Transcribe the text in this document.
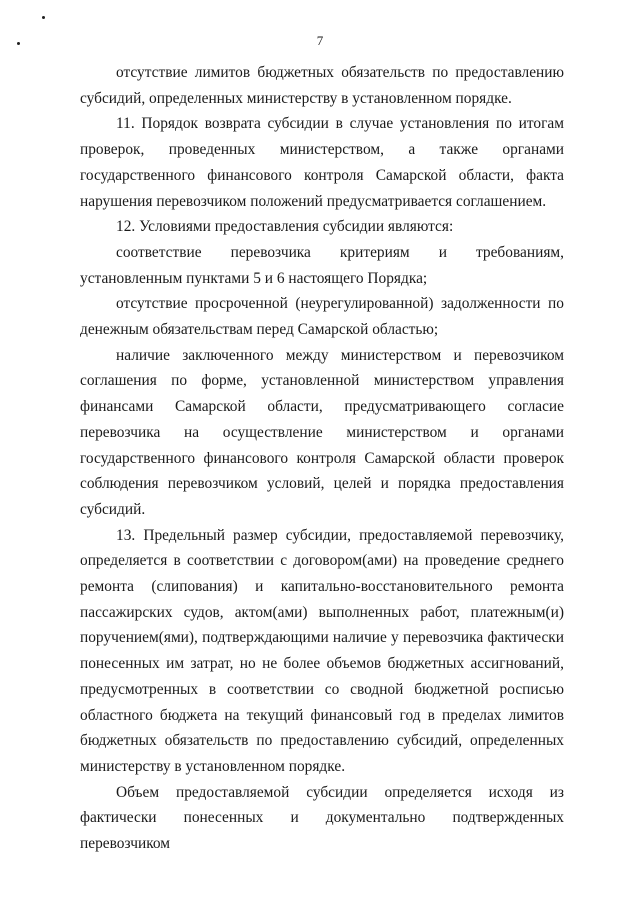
7

отсутствие лимитов бюджетных обязательств по предоставлению субсидий, определенных министерству в установленном порядке.

11. Порядок возврата субсидии в случае установления по итогам проверок, проведенных министерством, а также органами государственного финансового контроля Самарской области, факта нарушения перевозчиком положений предусматривается соглашением.

12. Условиями предоставления субсидии являются:

соответствие перевозчика критериям и требованиям, установленным пунктами 5 и 6 настоящего Порядка;

отсутствие просроченной (неурегулированной) задолженности по денежным обязательствам перед Самарской областью;

наличие заключенного между министерством и перевозчиком соглашения по форме, установленной министерством управления финансами Самарской области, предусматривающего согласие перевозчика на осуществление министерством и органами государственного финансового контроля Самарской области проверок соблюдения перевозчиком условий, целей и порядка предоставления субсидий.

13. Предельный размер субсидии, предоставляемой перевозчику, определяется в соответствии с договором(ами) на проведение среднего ремонта (слипования) и капитально-восстановительного ремонта пассажирских судов, актом(ами) выполненных работ, платежным(и) поручением(ями), подтверждающими наличие у перевозчика фактически понесенных им затрат, но не более объемов бюджетных ассигнований, предусмотренных в соответствии со сводной бюджетной росписью областного бюджета на текущий финансовый год в пределах лимитов бюджетных обязательств по предоставлению субсидий, определенных министерству в установленном порядке.

Объем предоставляемой субсидии определяется исходя из фактически понесенных и документально подтвержденных перевозчиком
